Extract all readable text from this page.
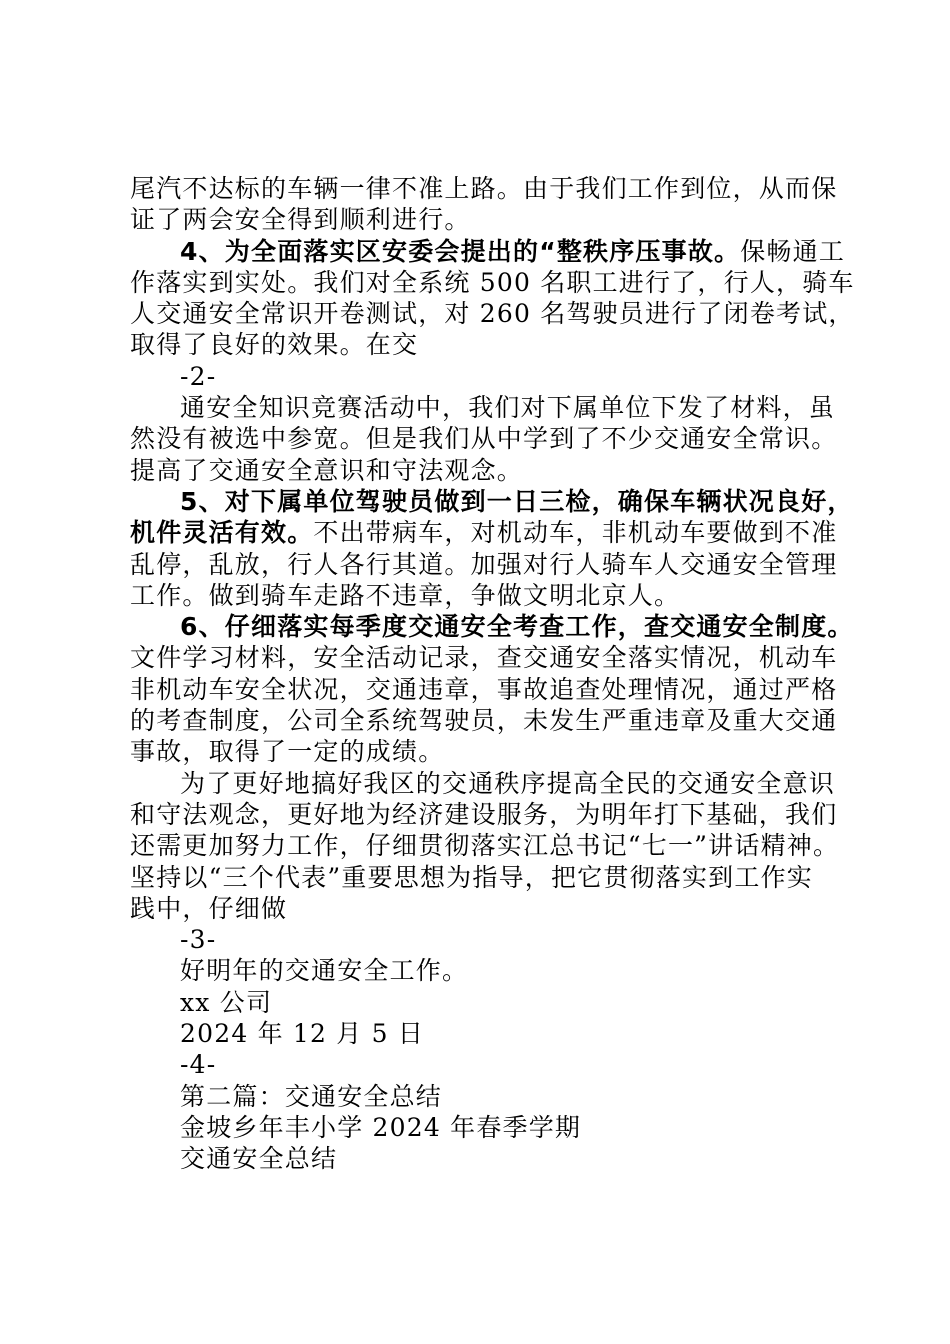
尾汽不达标的车辆一律不准上路。由于我们工作到位，从而保
证了两会安全得到顺利进行。
4、为全面落实区安委会提出的“整秩序压事故。保畅通工
作落实到实处。我们对全系统 500 名职工进行了，行人，骑车
人交通安全常识开卷测试，对 260 名驾驶员进行了闭卷考试，
取得了良好的效果。在交
-2-
通安全知识竞赛活动中，我们对下属单位下发了材料，虽
然没有被选中参宽。但是我们从中学到了不少交通安全常识。
提高了交通安全意识和守法观念。
5、对下属单位驾驶员做到一日三检，确保车辆状况良好，
机件灵活有效。不出带病车，对机动车，非机动车要做到不准
乱停，乱放，行人各行其道。加强对行人骑车人交通安全管理
工作。做到骑车走路不违章，争做文明北京人。
6、仔细落实每季度交通安全考查工作，查交通安全制度。
文件学习材料，安全活动记录，查交通安全落实情况，机动车
非机动车安全状况，交通违章，事故追查处理情况，通过严格
的考查制度，公司全系统驾驶员，未发生严重违章及重大交通
事故，取得了一定的成绩。
为了更好地搞好我区的交通秩序提高全民的交通安全意识
和守法观念，更好地为经济建设服务，为明年打下基础，我们
还需更加努力工作，仔细贯彻落实江总书记“七一”讲话精神。
坚持以“三个代表”重要思想为指导，把它贯彻落实到工作实
践中，仔细做
-3-
好明年的交通安全工作。
xx 公司
2024 年 12 月 5 日
-4-
第二篇：交通安全总结
金坡乡年丰小学 2024 年春季学期
交通安全总结
